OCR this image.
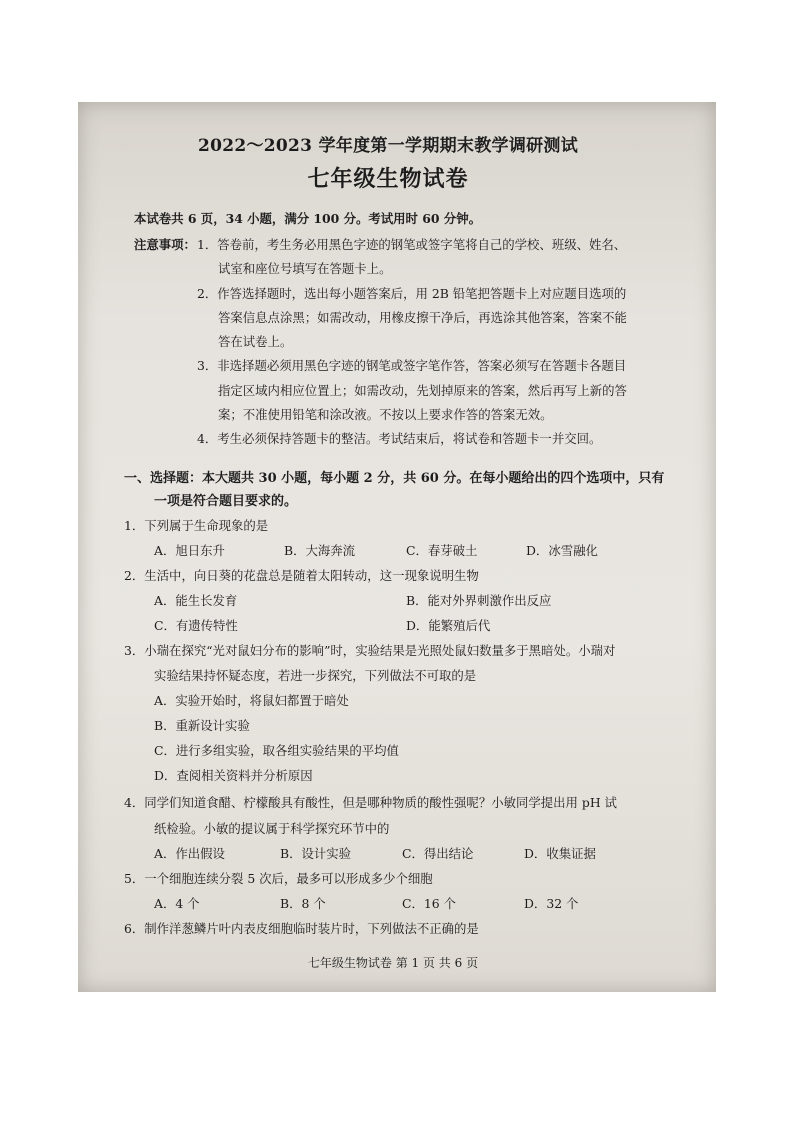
2022～2023 学年度第一学期期末教学调研测试
七年级生物试卷
本试卷共 6 页，34 小题，满分 100 分。考试用时 60 分钟。
注意事项： 1．答卷前，考生务必用黑色字迹的钢笔或签字笔将自己的学校、班级、姓名、
试室和座位号填写在答题卡上。
2．作答选择题时，选出每小题答案后，用 2B 铅笔把答题卡上对应题目选项的
答案信息点涂黑；如需改动，用橡皮擦干净后，再选涂其他答案，答案不能
答在试卷上。
3．非选择题必须用黑色字迹的钢笔或签字笔作答，答案必须写在答题卡各题目
指定区域内相应位置上；如需改动，先划掉原来的答案，然后再写上新的答
案；不准使用铅笔和涂改液。不按以上要求作答的答案无效。
4．考生必须保持答题卡的整洁。考试结束后，将试卷和答题卡一并交回。
一、选择题：本大题共 30 小题，每小题 2 分，共 60 分。在每小题给出的四个选项中，只有
一项是符合题目要求的。
1．下列属于生命现象的是
A．旭日东升	B．大海奔流	C．春芽破土	D．冰雪融化
2．生活中，向日葵的花盘总是随着太阳转动，这一现象说明生物
A．能生长发育	B．能对外界刺激作出反应
C．有遗传特性	D．能繁殖后代
3．小瑞在探究“光对鼠妇分布的影响”时，实验结果是光照处鼠妇数量多于黑暗处。小瑞对
实验结果持怀疑态度，若进一步探究，下列做法不可取的是
A．实验开始时，将鼠妇都置于暗处
B．重新设计实验
C．进行多组实验，取各组实验结果的平均值
D．查阅相关资料并分析原因
4．同学们知道食醋、柠檬酸具有酸性，但是哪种物质的酸性强呢？小敏同学提出用 pH 试
纸检验。小敏的提议属于科学探究环节中的
A．作出假设	B．设计实验	C．得出结论	D．收集证据
5．一个细胞连续分裂 5 次后，最多可以形成多少个细胞
A．4 个	B．8 个	C．16 个	D．32 个
6．制作洋葱鳞片叶内表皮细胞临时装片时，下列做法不正确的是
七年级生物试卷 第 1 页 共 6 页
